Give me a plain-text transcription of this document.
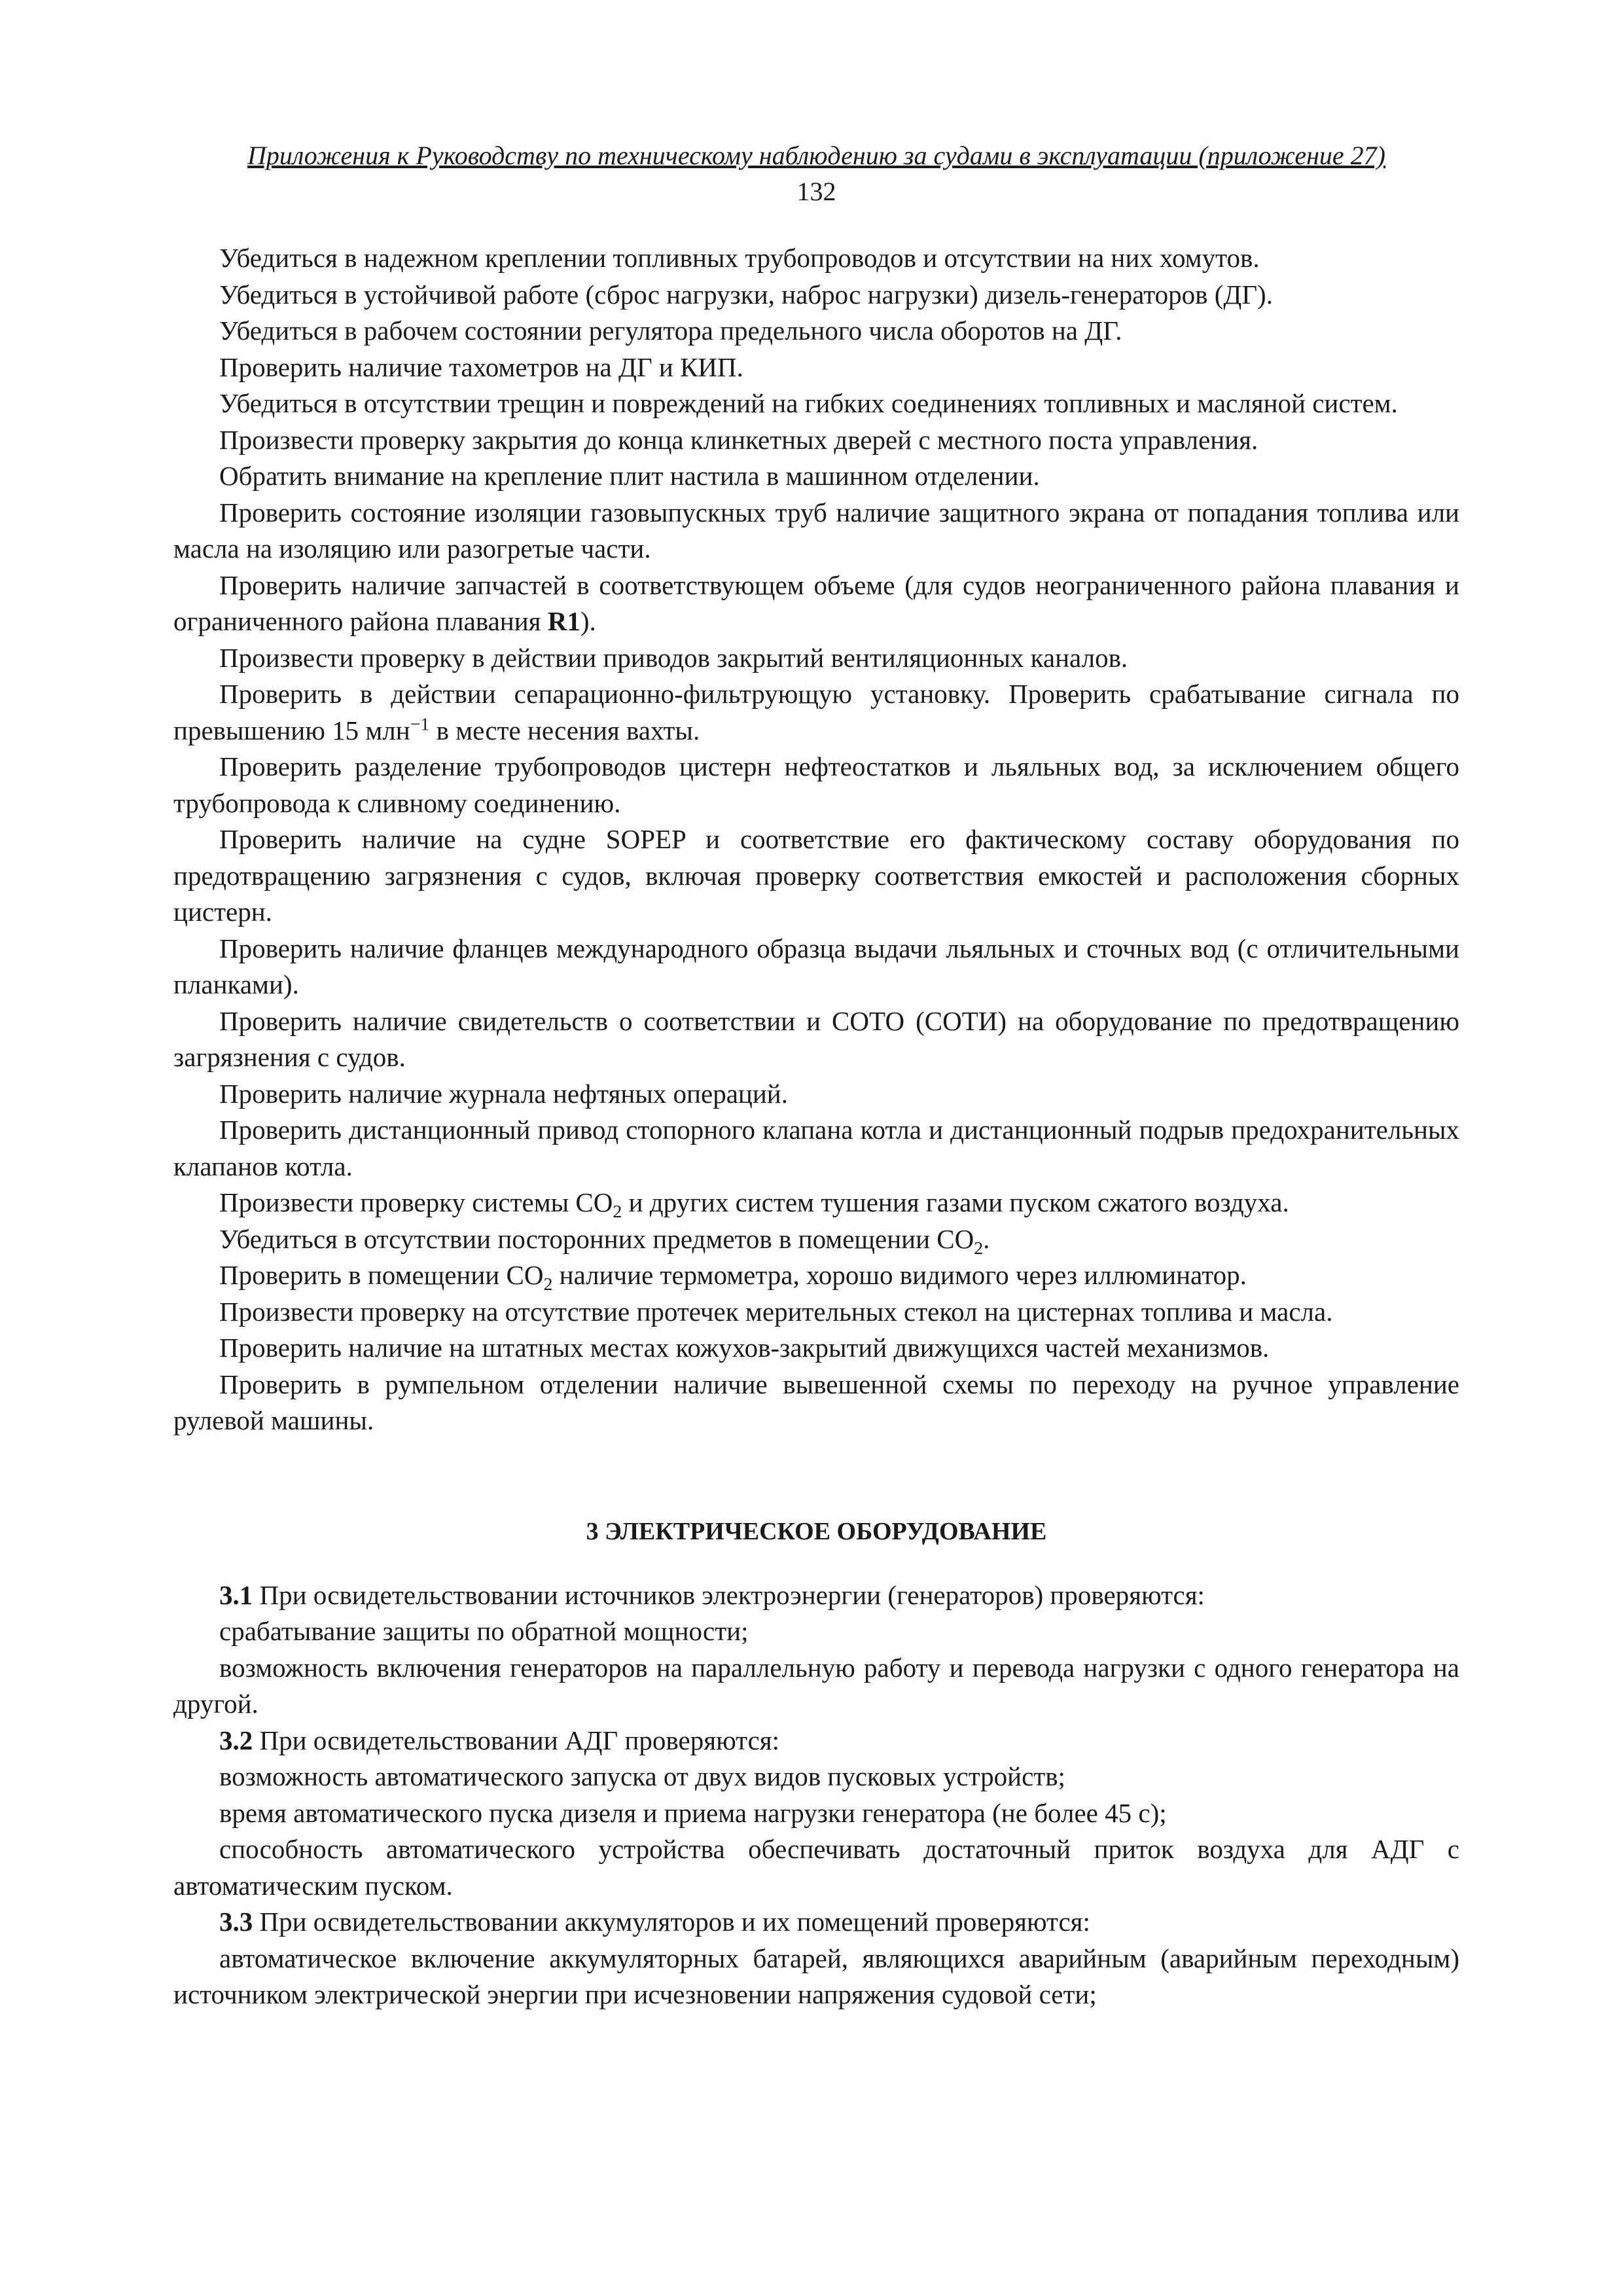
Приложения к Руководству по техническому наблюдению за судами в эксплуатации (приложение 27)
132

Убедиться в надежном креплении топливных трубопроводов и отсутствии на них хомутов.

Убедиться в устойчивой работе (сброс нагрузки, наброс нагрузки) дизель-генераторов (ДГ).

Убедиться в рабочем состоянии регулятора предельного числа оборотов на ДГ.

Проверить наличие тахометров на ДГ и КИП.

Убедиться в отсутствии трещин и повреждений на гибких соединениях топливных и масляной систем.

Произвести проверку закрытия до конца клинкетных дверей с местного поста управления.

Обратить внимание на крепление плит настила в машинном отделении.

Проверить состояние изоляции газовыпускных труб наличие защитного экрана от попадания топлива или масла на изоляцию или разогретые части.

Проверить наличие запчастей в соответствующем объеме (для судов неограниченного района плавания и ограниченного района плавания R1).

Произвести проверку в действии приводов закрытий вентиляционных каналов.

Проверить в действии сепарационно-фильтрующую установку. Проверить срабатывание сигнала по превышению 15 млн$^{-1}$ в месте несения вахты.

Проверить разделение трубопроводов цистерн нефтеостатков и льяльных вод, за исключением общего трубопровода к сливному соединению.

Проверить наличие на судне SOPEP и соответствие его фактическому составу оборудования по предотвращению загрязнения с судов, включая проверку соответствия емкостей и расположения сборных цистерн.

Проверить наличие фланцев международного образца выдачи льяльных и сточных вод (с отличительными планками).

Проверить наличие свидетельств о соответствии и СОТО (СОТИ) на оборудование по предотвращению загрязнения с судов.

Проверить наличие журнала нефтяных операций.

Проверить дистанционный привод стопорного клапана котла и дистанционный подрыв предохранительных клапанов котла.

Произвести проверку системы $СО_2$ и других систем тушения газами пуском сжатого воздуха.

Убедиться в отсутствии посторонних предметов в помещении $СО_2$.

Проверить в помещении $СО_2$ наличие термометра, хорошо видимого через иллюминатор.

Произвести проверку на отсутствие протечек мерительных стекол на цистернах топлива и масла.

Проверить наличие на штатных местах кожухов-закрытий движущихся частей механизмов.

Проверить в румпельном отделении наличие вывешенной схемы по переходу на ручное управление рулевой машины.

3 ЭЛЕКТРИЧЕСКОЕ ОБОРУДОВАНИЕ

3.1 При освидетельствовании источников электроэнергии (генераторов) проверяются:

срабатывание защиты по обратной мощности;

возможность включения генераторов на параллельную работу и перевода нагрузки с одного генератора на другой.

3.2 При освидетельствовании АДГ проверяются:

возможность автоматического запуска от двух видов пусковых устройств;

время автоматического пуска дизеля и приема нагрузки генератора (не более 45 с);

способность автоматического устройства обеспечивать достаточный приток воздуха для АДГ с автоматическим пуском.

3.3 При освидетельствовании аккумуляторов и их помещений проверяются:

автоматическое включение аккумуляторных батарей, являющихся аварийным (аварийным переходным) источником электрической энергии при исчезновении напряжения судовой сети;
